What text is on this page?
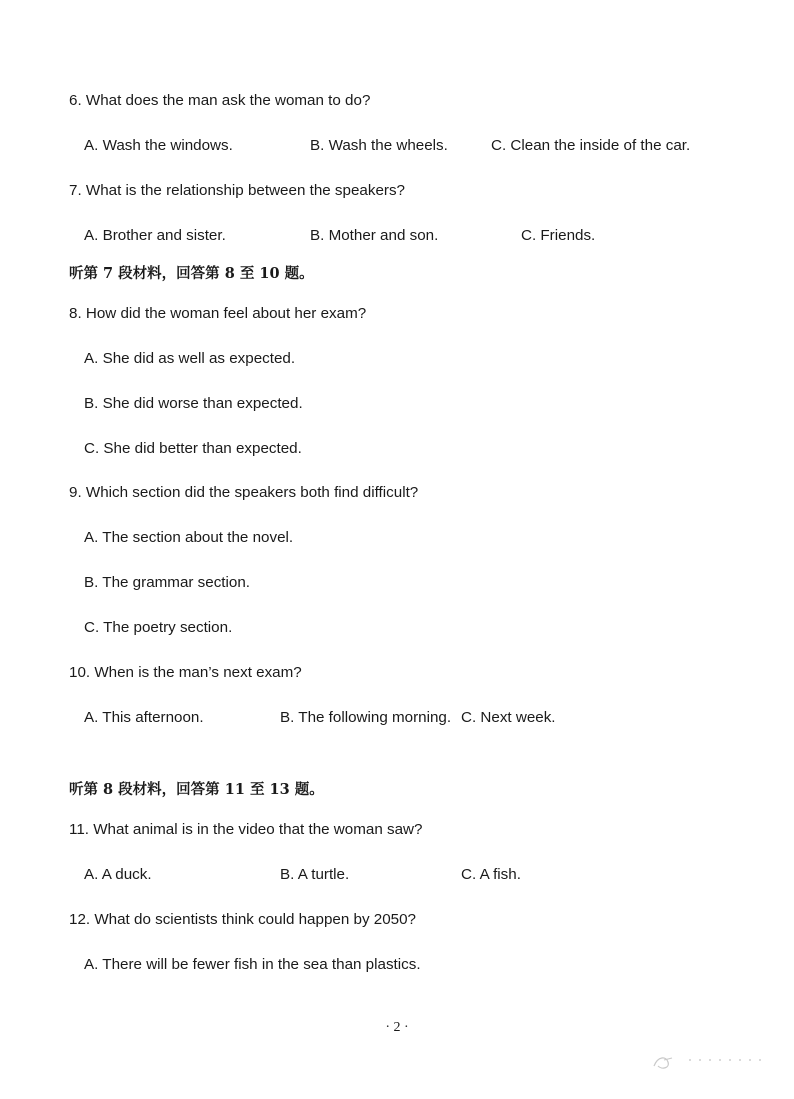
6. What does the man ask the woman to do?
A. Wash the windows.	B. Wash the wheels.	C. Clean the inside of the car.
7. What is the relationship between the speakers?
A. Brother and sister.	B. Mother and son.	C. Friends.
听第 7 段材料，回答第 8 至 10 题。
8. How did the woman feel about her exam?
A. She did as well as expected.
B. She did worse than expected.
C. She did better than expected.
9. Which section did the speakers both find difficult?
A. The section about the novel.
B. The grammar section.
C. The poetry section.
10. When is the man’s next exam?
A. This afternoon.	B. The following morning. C. Next week.
听第 8 段材料，回答第 11 至 13 题。
11. What animal is in the video that the woman saw?
A. A duck.	B. A turtle.	C. A fish.
12. What do scientists think could happen by 2050?
A. There will be fewer fish in the sea than plastics.
· 2 ·
